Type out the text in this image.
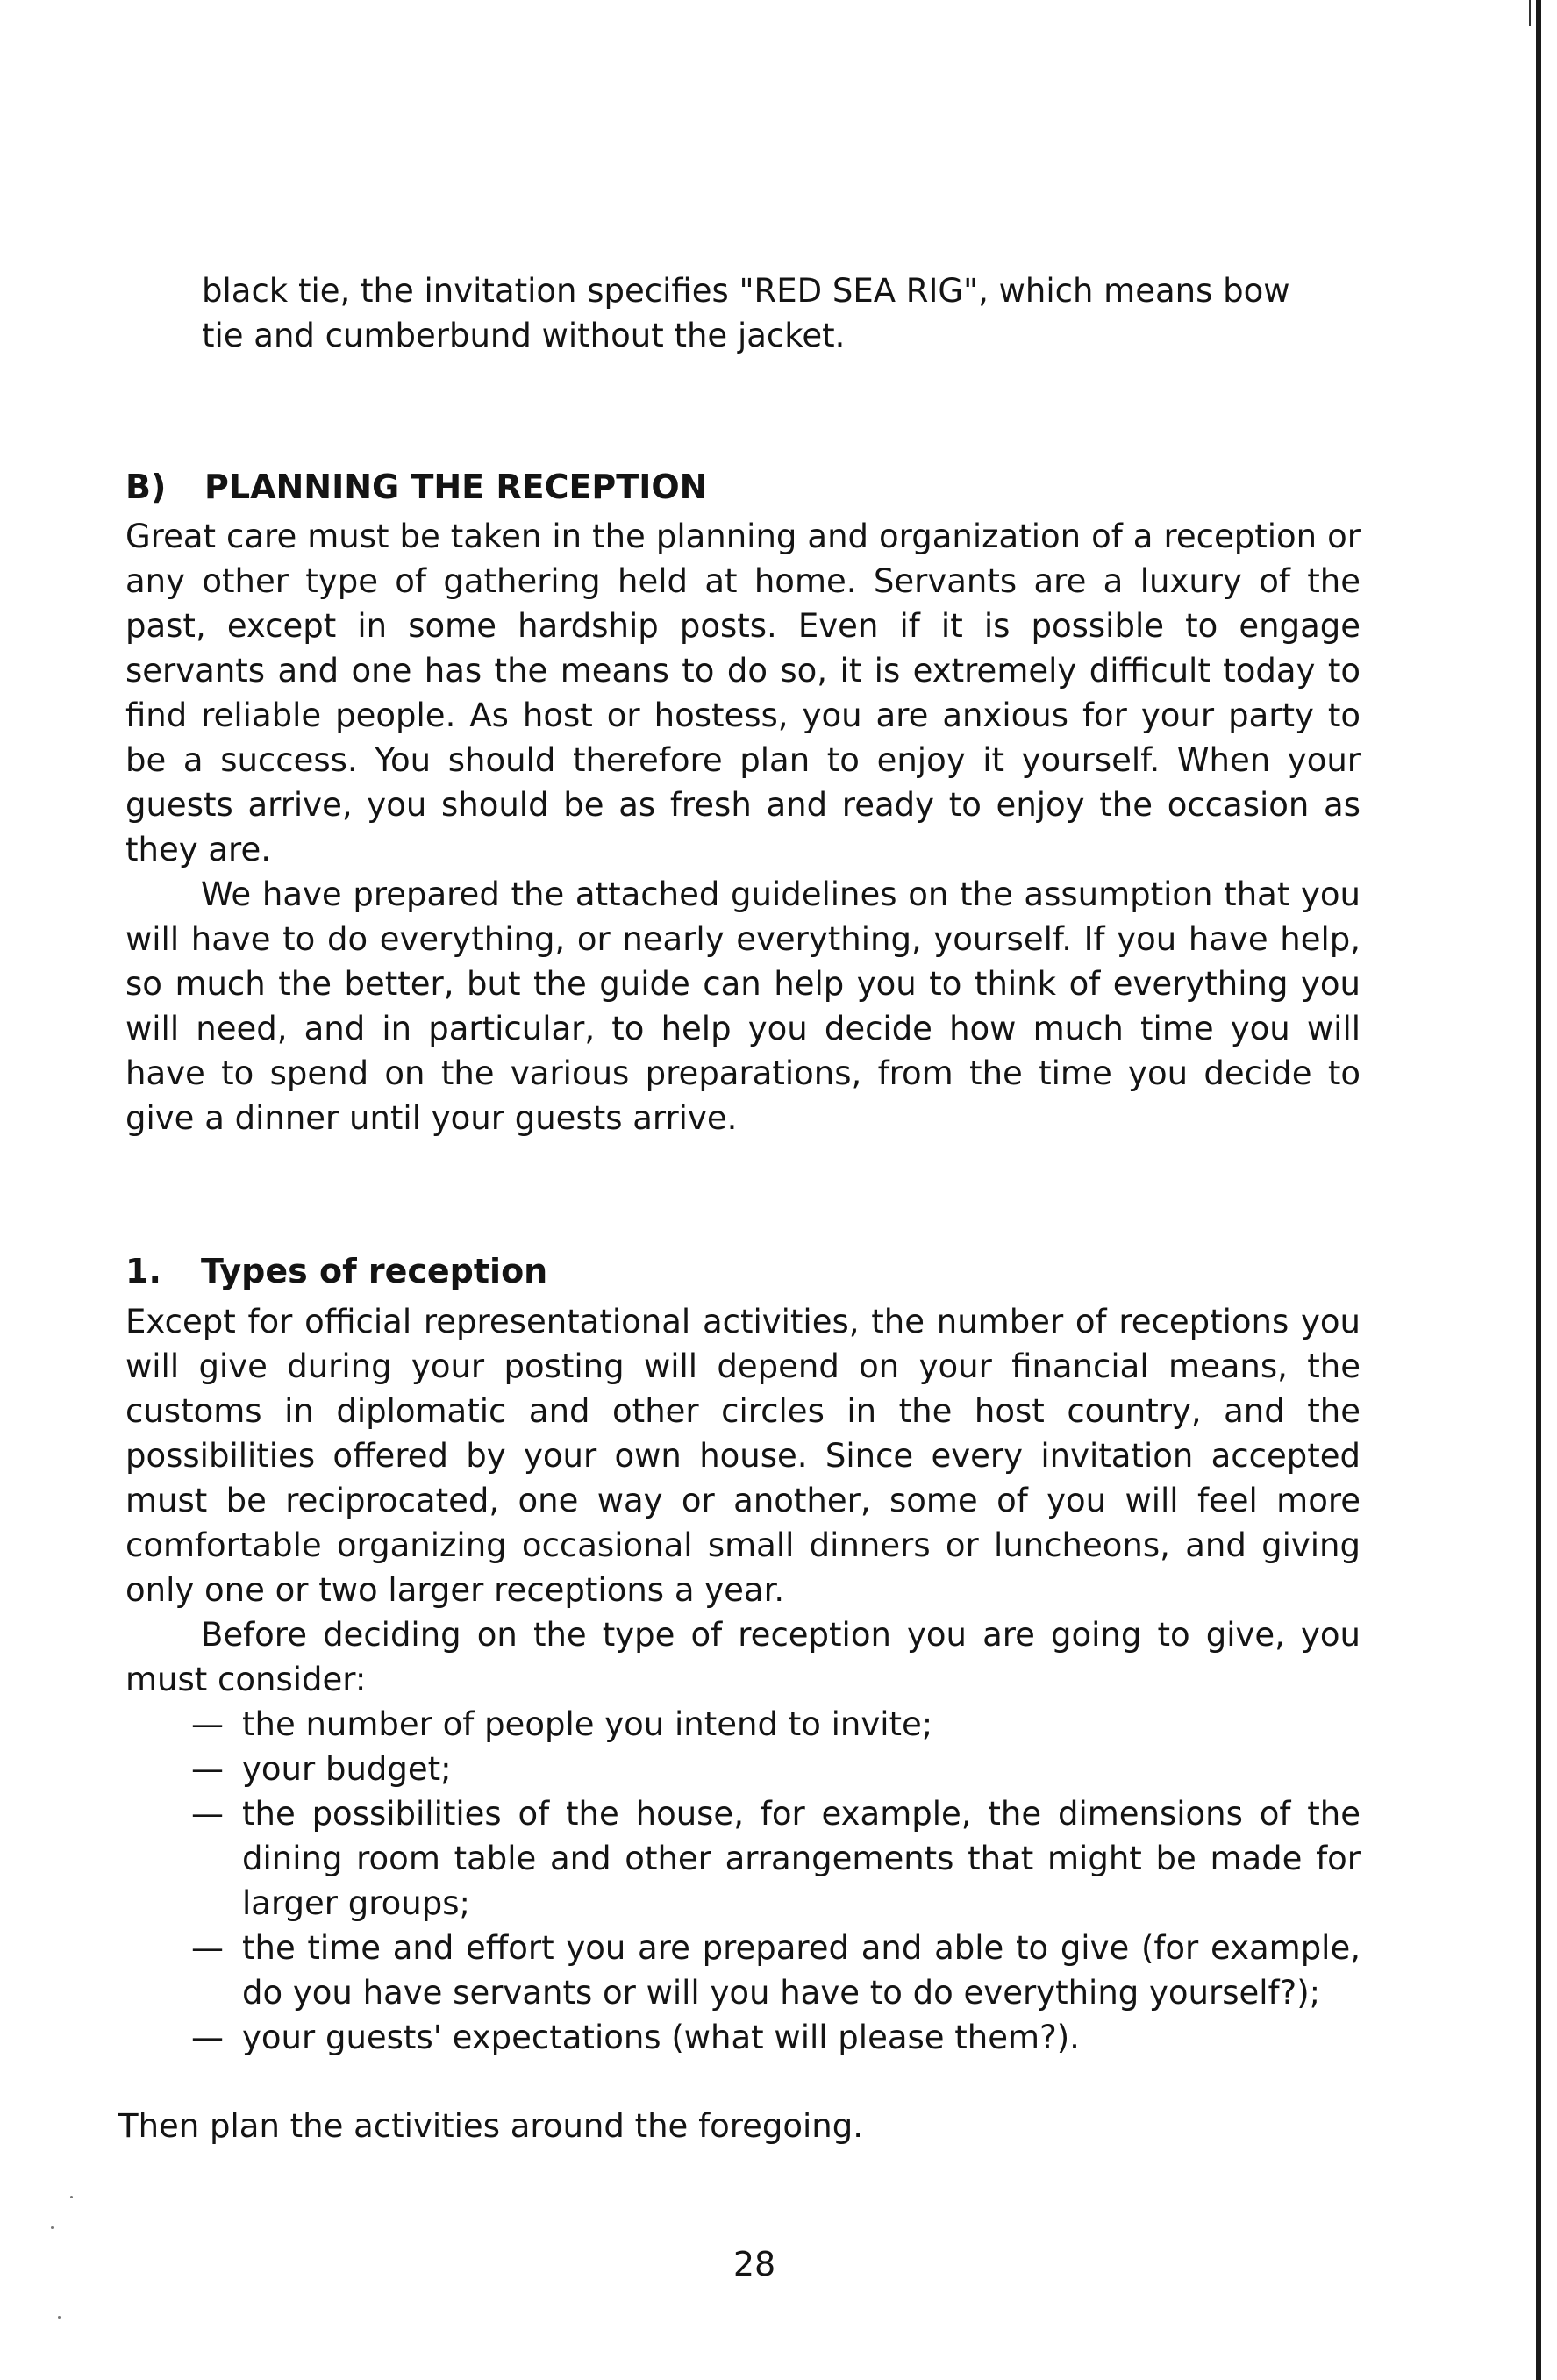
black tie, the invitation specifies "RED SEA RIG", which means bow

tie and cumberbund without the jacket.

B) PLANNING THE RECEPTION

Great care must be taken in the planning and organization of a reception or any other type of gathering held at home. Servants are a luxury of the past, except in some hardship posts. Even if it is possible to engage servants and one has the means to do so, it is extremely difficult today to find reliable people. As host or hostess, you are anxious for your party to be a success. You should therefore plan to enjoy it yourself. When your guests arrive, you should be as fresh and ready to enjoy the occasion as they are.

We have prepared the attached guidelines on the assumption that you will have to do everything, or nearly everything, yourself. If you have help, so much the better, but the guide can help you to think of everything you will need, and in particular, to help you decide how much time you will have to spend on the various preparations, from the time you decide to give a dinner until your guests arrive.

1. Types of reception

Except for official representational activities, the number of receptions you will give during your posting will depend on your financial means, the customs in diplomatic and other circles in the host country, and the possibilities offered by your own house. Since every invitation accepted must be reciprocated, one way or another, some of you will feel more comfortable organizing occasional small dinners or luncheons, and giving only one or two larger receptions a year.

Before deciding on the type of reception you are going to give, you must consider:

— the number of people you intend to invite;
— your budget;
— the possibilities of the house, for example, the dimensions of the dining room table and other arrangements that might be made for larger groups;
— the time and effort you are prepared and able to give (for example, do you have servants or will you have to do everything yourself?);
— your guests' expectations (what will please them?).

Then plan the activities around the foregoing.

28
